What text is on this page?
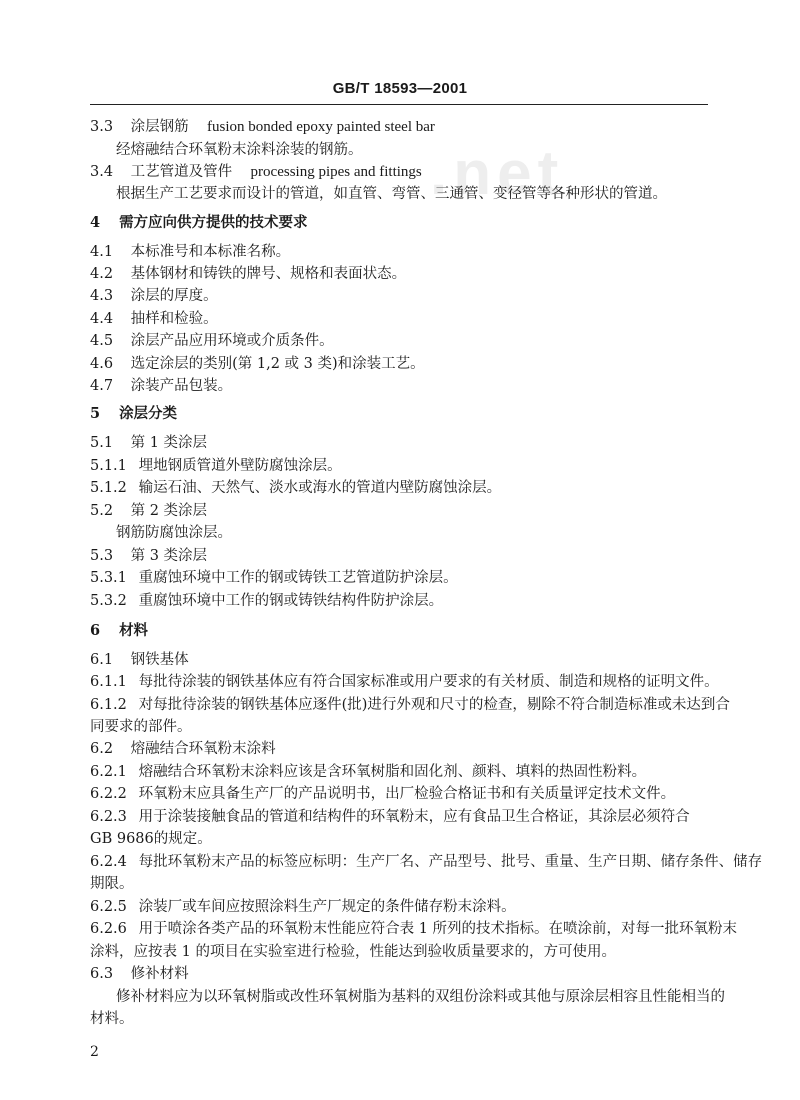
GB/T 18593—2001
.net
3.3 涂层钢筋 fusion bonded epoxy painted steel bar
经熔融结合环氧粉末涂料涂装的钢筋。
3.4 工艺管道及管件 processing pipes and fittings
根据生产工艺要求而设计的管道，如直管、弯管、三通管、变径管等各种形状的管道。
4 需方应向供方提供的技术要求
4.1 本标准号和本标准名称。
4.2 基体钢材和铸铁的牌号、规格和表面状态。
4.3 涂层的厚度。
4.4 抽样和检验。
4.5 涂层产品应用环境或介质条件。
4.6 选定涂层的类别(第 1,2 或 3 类)和涂装工艺。
4.7 涂装产品包装。
5 涂层分类
5.1 第 1 类涂层
5.1.1 埋地钢质管道外壁防腐蚀涂层。
5.1.2 输运石油、天然气、淡水或海水的管道内壁防腐蚀涂层。
5.2 第 2 类涂层
钢筋防腐蚀涂层。
5.3 第 3 类涂层
5.3.1 重腐蚀环境中工作的钢或铸铁工艺管道防护涂层。
5.3.2 重腐蚀环境中工作的钢或铸铁结构件防护涂层。
6 材料
6.1 钢铁基体
6.1.1 每批待涂装的钢铁基体应有符合国家标准或用户要求的有关材质、制造和规格的证明文件。
6.1.2 对每批待涂装的钢铁基体应逐件(批)进行外观和尺寸的检查，剔除不符合制造标准或未达到合
同要求的部件。
6.2 熔融结合环氧粉末涂料
6.2.1 熔融结合环氧粉末涂料应该是含环氧树脂和固化剂、颜料、填料的热固性粉料。
6.2.2 环氧粉末应具备生产厂的产品说明书，出厂检验合格证书和有关质量评定技术文件。
6.2.3 用于涂装接触食品的管道和结构件的环氧粉末，应有食品卫生合格证，其涂层必须符合
GB 9686的规定。
6.2.4 每批环氧粉末产品的标签应标明：生产厂名、产品型号、批号、重量、生产日期、储存条件、储存
期限。
6.2.5 涂装厂或车间应按照涂料生产厂规定的条件储存粉末涂料。
6.2.6 用于喷涂各类产品的环氧粉末性能应符合表 1 所列的技术指标。在喷涂前，对每一批环氧粉末
涂料，应按表 1 的项目在实验室进行检验，性能达到验收质量要求的，方可使用。
6.3 修补材料
修补材料应为以环氧树脂或改性环氧树脂为基料的双组份涂料或其他与原涂层相容且性能相当的
材料。
2
